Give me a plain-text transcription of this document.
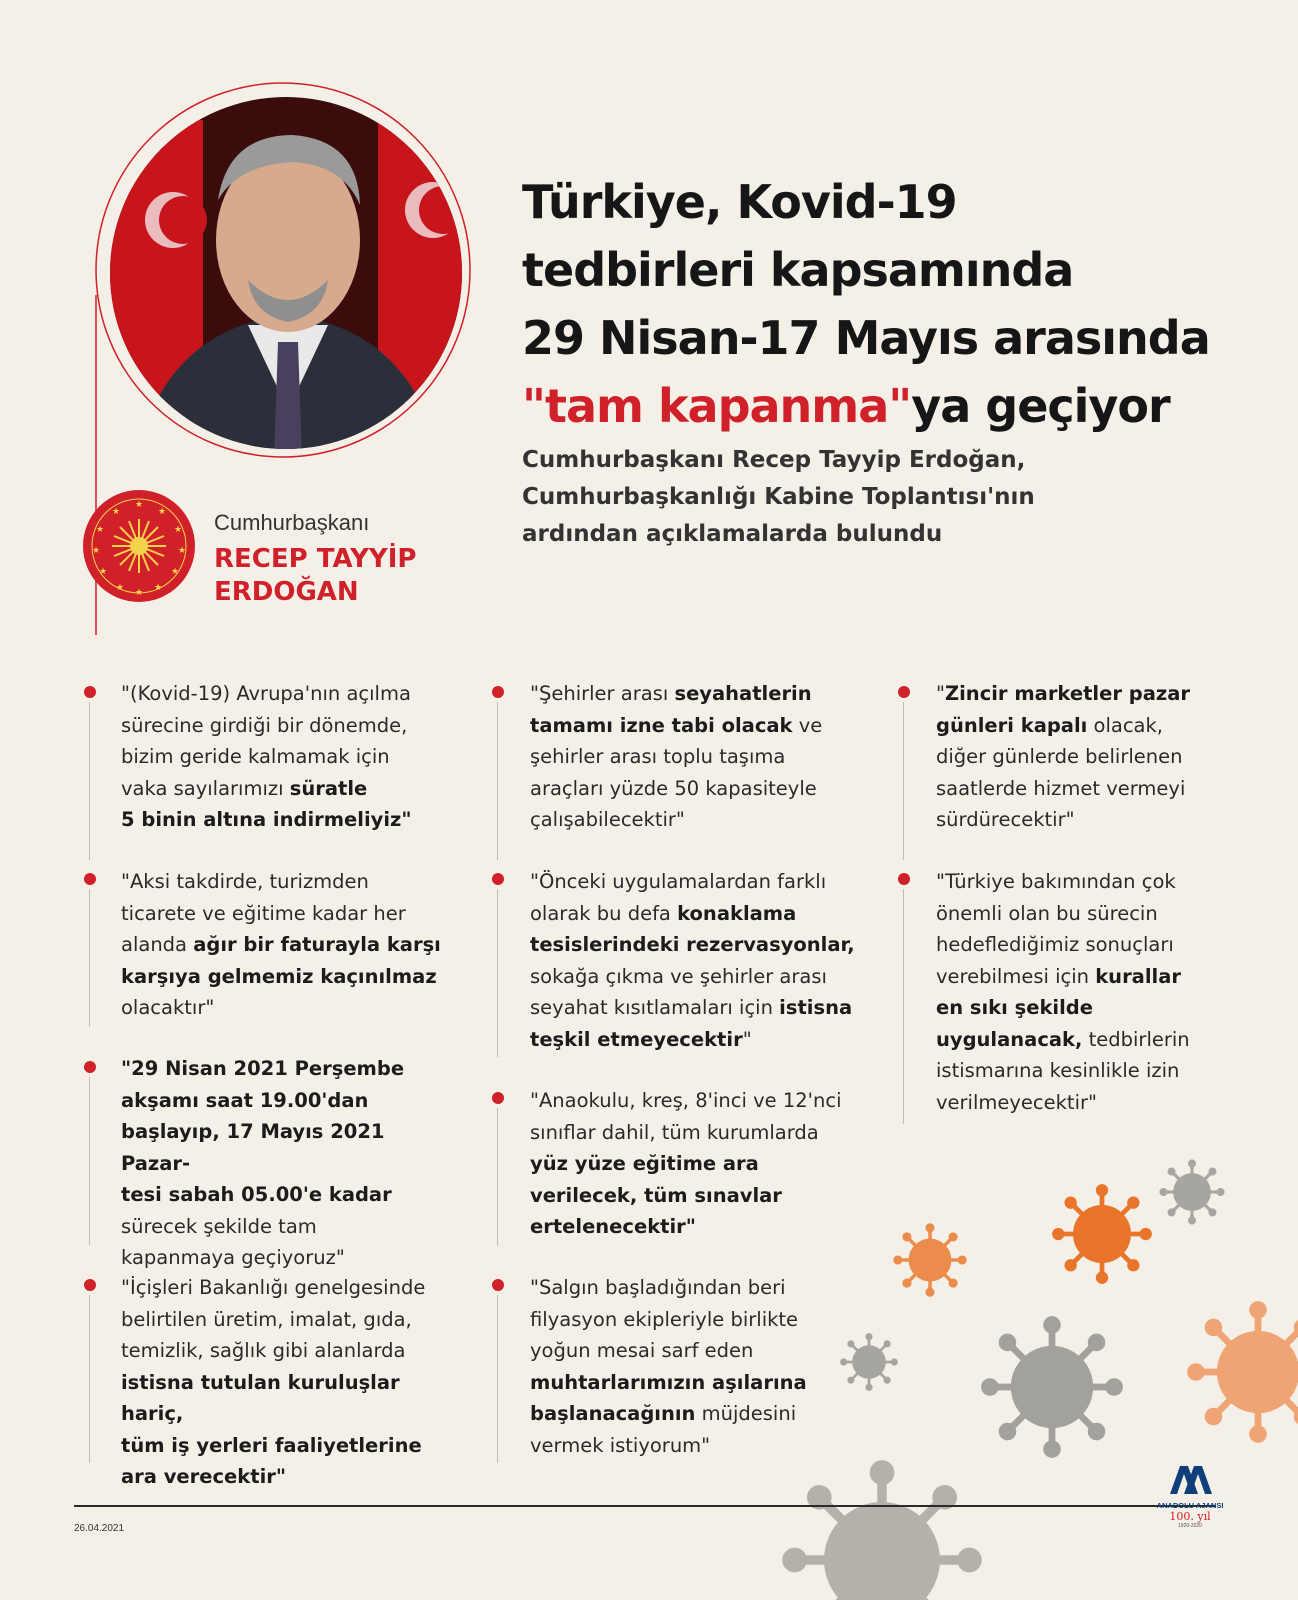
★
★
★
★
★
★
★
★
★
★
★
★	Cumhurbaşkanı
RECEP TAYYİP
ERDOĞAN
Türkiye, Kovid-19
tedbirleri kapsamında
29 Nisan-17 Mayıs arasında
"tam kapanma"ya geçiyor
Cumhurbaşkanı Recep Tayyip Erdoğan,
Cumhurbaşkanlığı Kabine Toplantısı'nın
ardından açıklamalarda bulundu
"(Kovid-19) Avrupa'nın açılma
sürecine girdiği bir dönemde,
bizim geride kalmamak için
vaka sayılarımızı süratle
5 binin altına indirmeliyiz"
"Aksi takdirde, turizmden
ticarete ve eğitime kadar her
alanda ağır bir faturayla karşı
karşıya gelmemiz kaçınılmaz
olacaktır"
"29 Nisan 2021 Perşembe
akşamı saat 19.00'dan
başlayıp, 17 Mayıs 2021 Pazar-
tesi sabah 05.00'e kadar
sürecek şekilde tam
kapanmaya geçiyoruz"
"İçişleri Bakanlığı genelgesinde
belirtilen üretim, imalat, gıda,
temizlik, sağlık gibi alanlarda
istisna tutulan kuruluşlar hariç,
tüm iş yerleri faaliyetlerine
ara verecektir"
"Şehirler arası seyahatlerin
tamamı izne tabi olacak ve
şehirler arası toplu taşıma
araçları yüzde 50 kapasiteyle
çalışabilecektir"
"Önceki uygulamalardan farklı
olarak bu defa konaklama
tesislerindeki rezervasyonlar,
sokağa çıkma ve şehirler arası
seyahat kısıtlamaları için istisna
teşkil etmeyecektir"
"Anaokulu, kreş, 8'inci ve 12'nci
sınıflar dahil, tüm kurumlarda
yüz yüze eğitime ara
verilecek, tüm sınavlar
ertelenecektir"
"Salgın başladığından beri
filyasyon ekipleriyle birlikte
yoğun mesai sarf eden
muhtarlarımızın aşılarına
başlanacağının müjdesini
vermek istiyorum"
"Zincir marketler pazar
günleri kapalı olacak,
diğer günlerde belirlenen
saatlerde hizmet vermeyi
sürdürecektir"
"Türkiye bakımından çok
önemli olan bu sürecin
hedeflediğimiz sonuçları
verebilmesi için kurallar
en sıkı şekilde
uygulanacak, tedbirlerin
istismarına kesinlikle izin
verilmeyecektir"
26.04.2021
ANADOLU AJANSI
100. yıl
1920-2020
